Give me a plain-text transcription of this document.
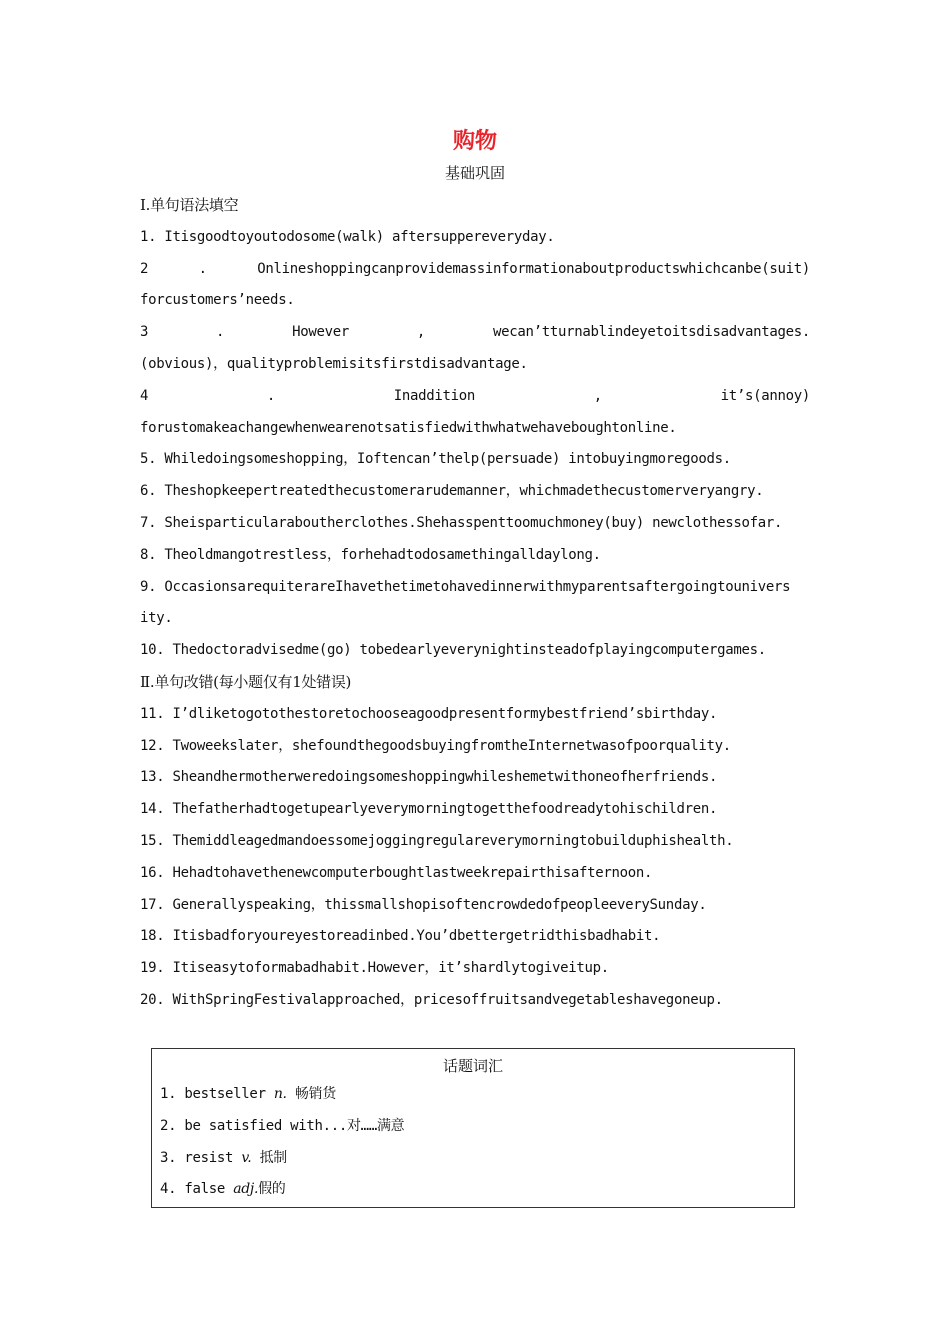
购物
基础巩固

Ⅰ.单句语法填空

1. Itisgoodtoyoutodosome(walk) aftersuppereveryday.

2 . Onlineshoppingcanprovidemassinformationaboutproductswhichcanbe(suit)

forcustomers’needs.

3 . However , wecan’tturnablindeyetoitsdisadvantages.

(obvious)，qualityproblemisitsfirstdisadvantage.

4 . Inaddition , it’s(annoy)

forustomakeachangewhenwearenotsatisfiedwithwhatwehaveboughtonline.

5. Whiledoingsomeshopping，Ioftencan’thelp(persuade) intobuyingmoregoods.

6. Theshopkeepertreatedthecustomerarudemanner，whichmadethecustomerveryangry.

7. Sheisparticularaboutherclothes.Shehasspenttoomuchmoney(buy) newclothessofar.

8. Theoldmangotrestless，forhehadtodosamethingalldaylong.

9. OccasionsarequiterareIhavethetimetohavedinnerwithmyparentsaftergoingtounivers

ity.

10. Thedoctoradvisedme(go) tobedearlyeverynightinsteadofplayingcomputergames.

Ⅱ.单句改错(每小题仅有1处错误)

11. I’dliketogotothestoretochooseagoodpresentformybestfriend’sbirthday.

12. Twoweekslater，shefoundthegoodsbuyingfromtheInternetwasofpoorquality.

13. Sheandhermotherweredoingsomeshoppingwhileshemetwithoneofherfriends.

14. Thefatherhadtogetupearlyeverymorningtogetthefoodreadytohischildren.

15. Themiddleagedmandoessomejoggingregulareverymorningtobuilduphishealth.

16. Hehadtohavethenewcomputerboughtlastweekrepairthisafternoon.

17. Generallyspeaking，thissmallshopisoftencrowdedofpeopleeverySunday.

18. Itisbadforyoureyestoreadinbed.You’dbettergetridthisbadhabit.

19. Itiseasytoformabadhabit.However，it’shardlytogiveitup.

20. WithSpringFestivalapproached，pricesoffruitsandvegetableshavegoneup.

话题词汇
1. bestseller n. 畅销货
2. be satisfied with...对……满意
3. resist v. 抵制
4. false adj.假的
